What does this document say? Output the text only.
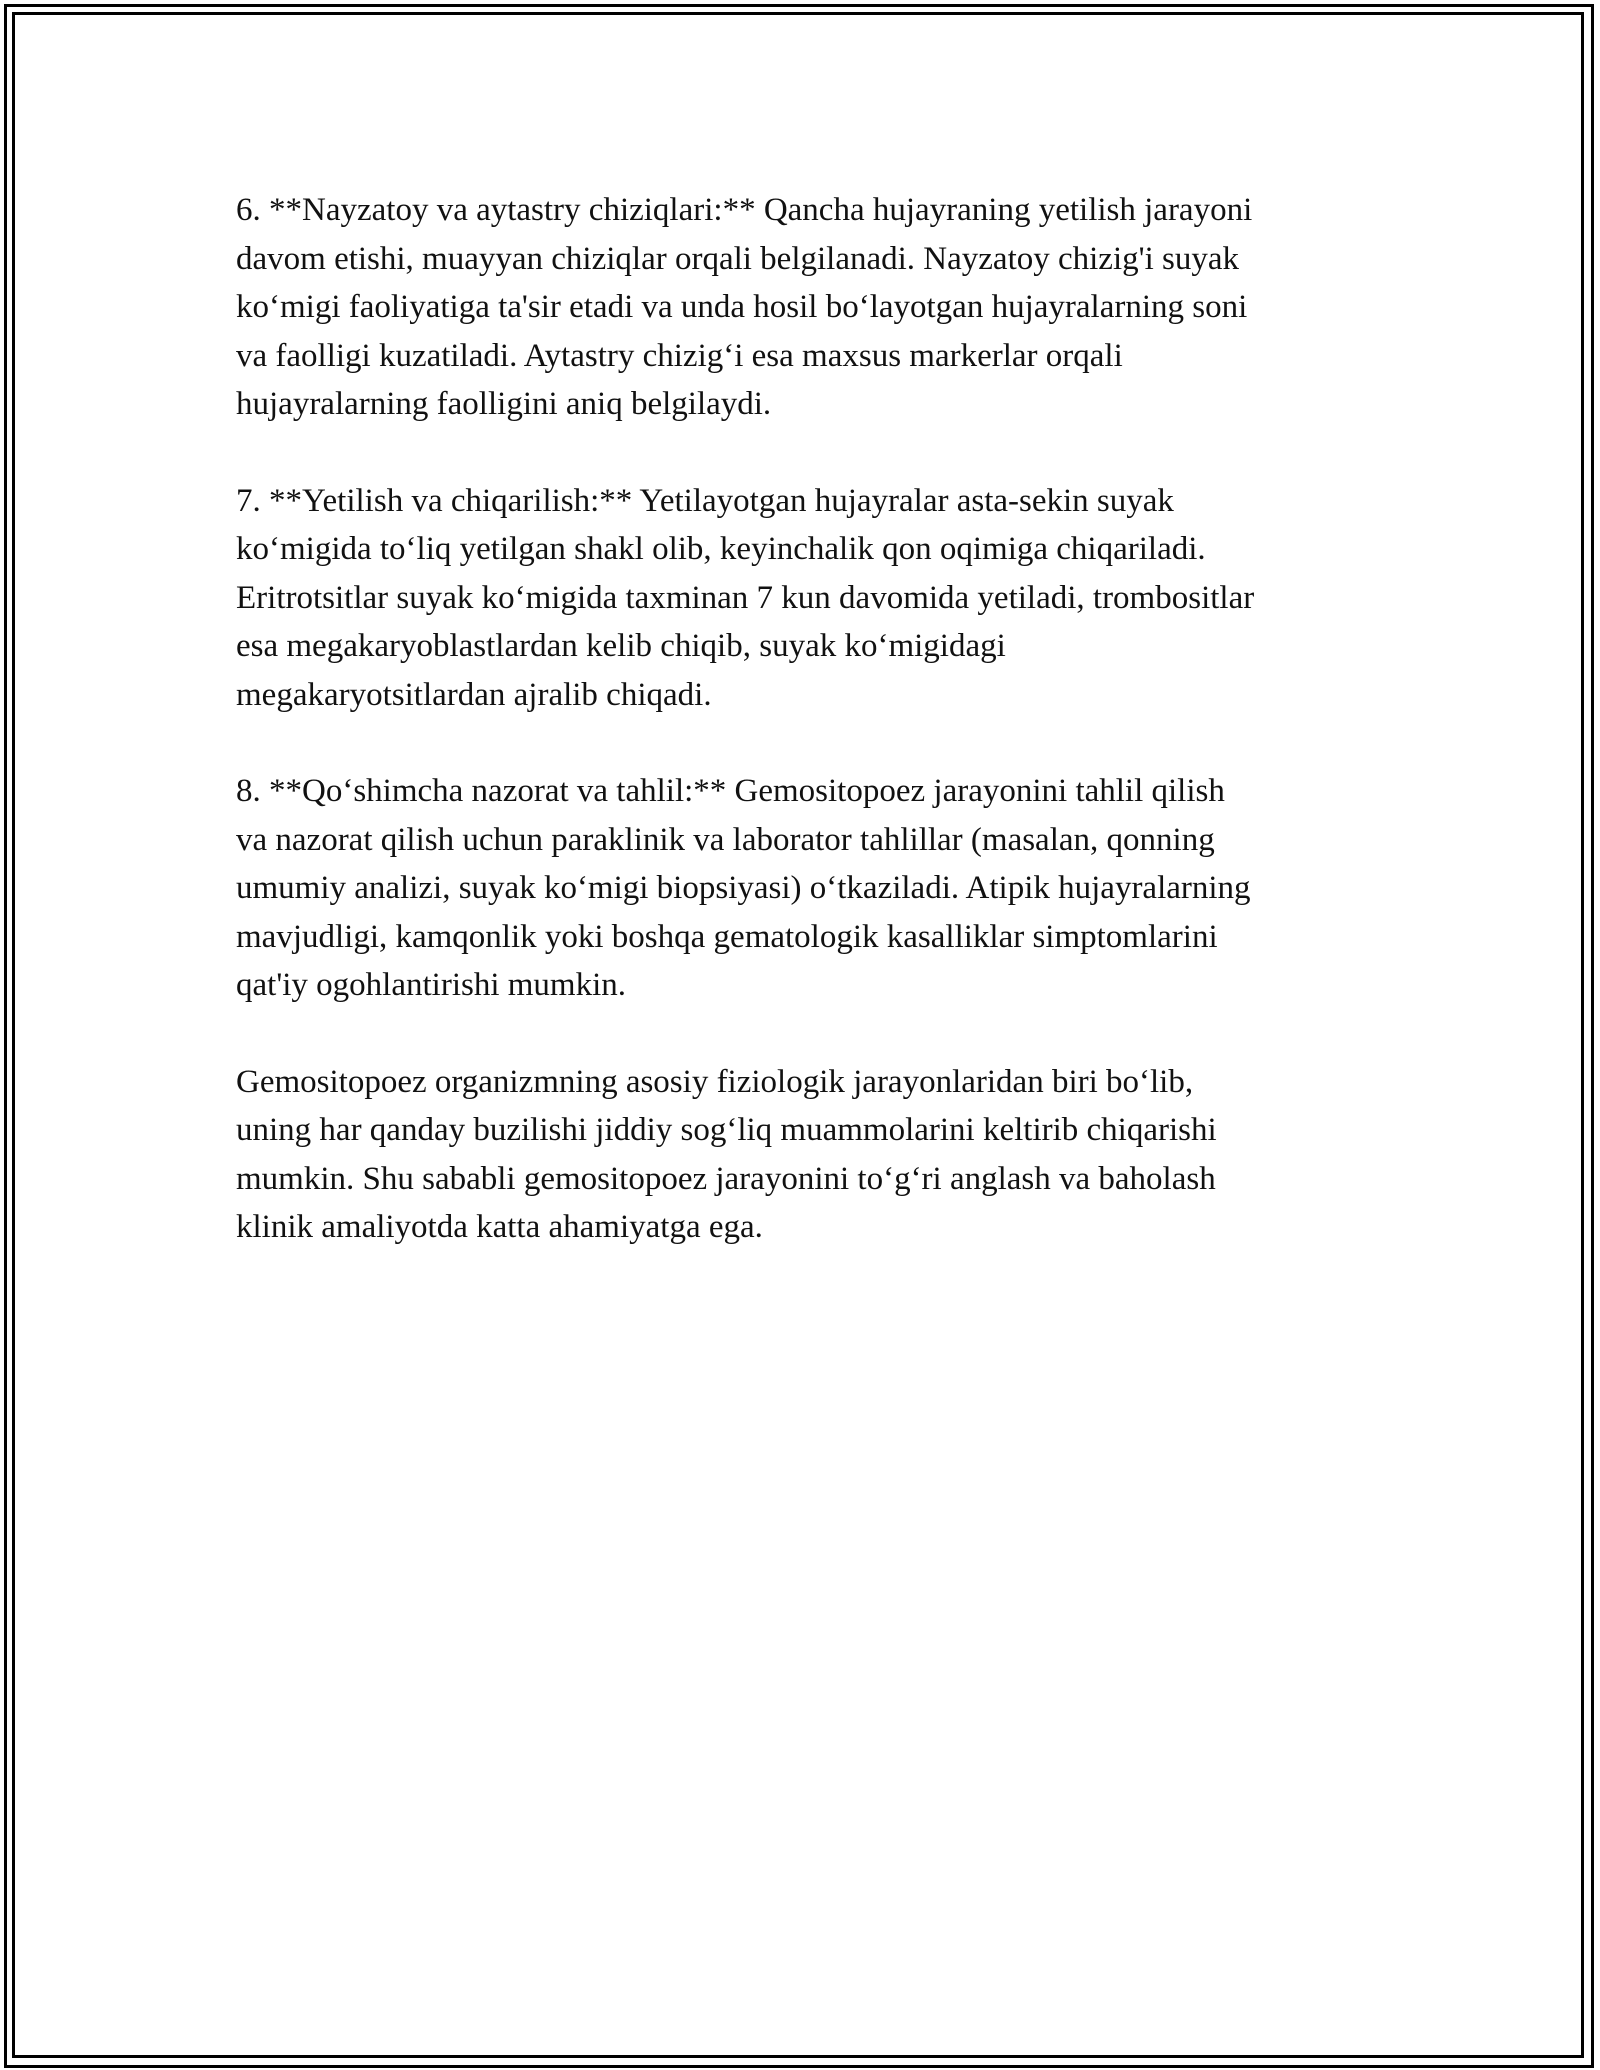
6. **Nayzatoy va aytastry chiziqlari:** Qancha hujayraning yetilish jarayoni
davom etishi, muayyan chiziqlar orqali belgilanadi. Nayzatoy chizig'i suyak
ko‘migi faoliyatiga ta'sir etadi va unda hosil bo‘layotgan hujayralarning soni
va faolligi kuzatiladi. Aytastry chizig‘i esa maxsus markerlar orqali
hujayralarning faolligini aniq belgilaydi.

7. **Yetilish va chiqarilish:** Yetilayotgan hujayralar asta-sekin suyak
ko‘migida to‘liq yetilgan shakl olib, keyinchalik qon oqimiga chiqariladi.
Eritrotsitlar suyak ko‘migida taxminan 7 kun davomida yetiladi, trombositlar
esa megakaryoblastlardan kelib chiqib, suyak ko‘migidagi
megakaryotsitlardan ajralib chiqadi.

8. **Qo‘shimcha nazorat va tahlil:** Gemositopoez jarayonini tahlil qilish
va nazorat qilish uchun paraklinik va laborator tahlillar (masalan, qonning
umumiy analizi, suyak ko‘migi biopsiyasi) o‘tkaziladi. Atipik hujayralarning
mavjudligi, kamqonlik yoki boshqa gematologik kasalliklar simptomlarini
qat'iy ogohlantirishi mumkin.

Gemositopoez organizmning asosiy fiziologik jarayonlaridan biri bo‘lib,
uning har qanday buzilishi jiddiy sog‘liq muammolarini keltirib chiqarishi
mumkin. Shu sababli gemositopoez jarayonini to‘g‘ri anglash va baholash
klinik amaliyotda katta ahamiyatga ega.
